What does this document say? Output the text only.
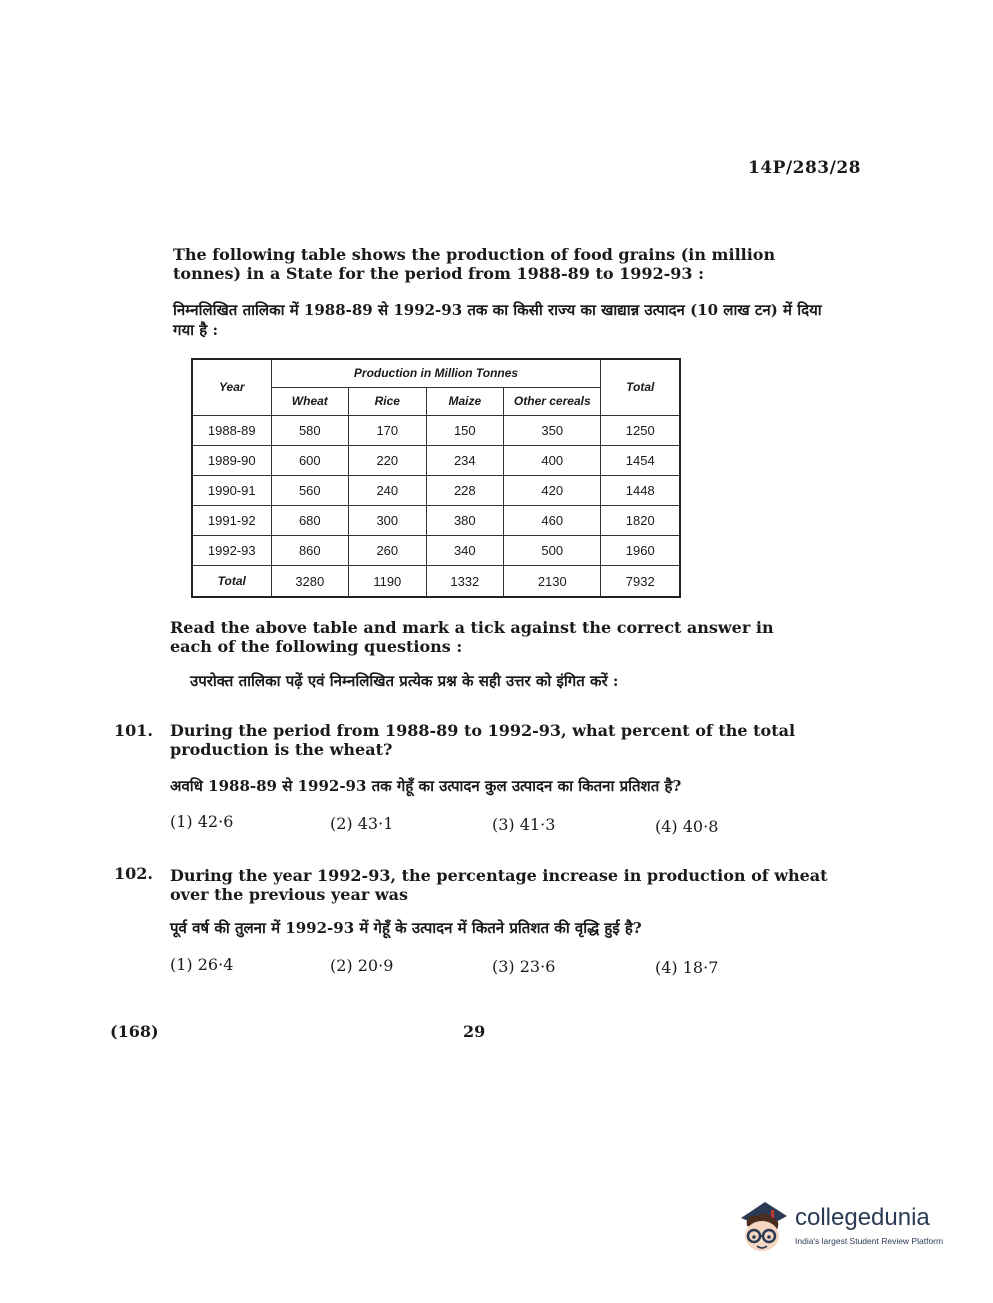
14P/283/28
The following table shows the production of food grains (in million tonnes) in a State for the period from 1988-89 to 1992-93 :
निम्नलिखित तालिका में 1988-89 से 1992-93 तक का किसी राज्य का खाद्यान्न उत्पादन (10 लाख टन) में दिया गया है :
Year	Production in Million Tonnes				Total
	Wheat	Rice	Maize	Other cereals	
1988-89	580	170	150	350	1250
1989-90	600	220	234	400	1454
1990-91	560	240	228	420	1448
1991-92	680	300	380	460	1820
1992-93	860	260	340	500	1960
Total	3280	1190	1332	2130	7932
Read the above table and mark a tick against the correct answer in each of the following questions :
उपरोक्त तालिका पढ़ें एवं निम्नलिखित प्रत्येक प्रश्न के सही उत्तर को इंगित करें :
101. During the period from 1988-89 to 1992-93, what percent of the total production is the wheat?
अवधि 1988-89 से 1992-93 तक गेहूँ का उत्पादन कुल उत्पादन का कितना प्रतिशत है?
(1) 42·6	(2) 43·1	(3) 41·3	(4) 40·8
102. During the year 1992-93, the percentage increase in production of wheat over the previous year was
पूर्व वर्ष की तुलना में 1992-93 में गेहूँ के उत्पादन में कितने प्रतिशत की वृद्धि हुई है?
(1) 26·4	(2) 20·9	(3) 23·6	(4) 18·7
(168)	29
collegedunia
India's largest Student Review Platform
